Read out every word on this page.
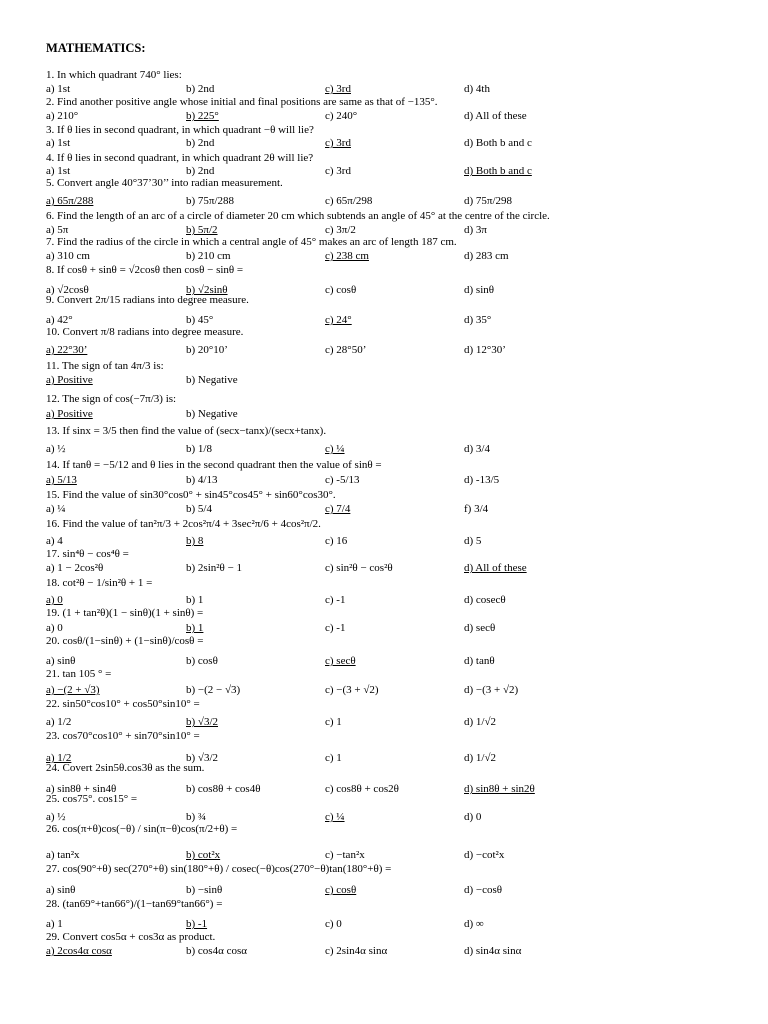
MATHEMATICS:
1. In which quadrant 740° lies:
a) 1st	b) 2nd	c) 3rd	d) 4th
2. Find another positive angle whose initial and final positions are same as that of −135°.
a) 210°	b) 225°	c) 240°	d) All of these
3. If θ lies in second quadrant, in which quadrant −θ will lie?
a) 1st	b) 2nd	c) 3rd	d) Both b and c
4. If θ lies in second quadrant, in which quadrant 2θ will lie?
a) 1st	b) 2nd	c) 3rd	d) Both b and c
5. Convert angle 40°37’30’’ into radian measurement.
a) 65π/288	b) 75π/288	c) 65π/298	d) 75π/298
6. Find the length of an arc of a circle of diameter 20 cm which subtends an angle of 45° at the centre of the circle.
a) 5π	b) 5π/2	c) 3π/2	d) 3π
7. Find the radius of the circle in which a central angle of 45° makes an arc of length 187 cm.
a) 310 cm	b) 210 cm	c) 238 cm	d) 283 cm
8. If cosθ + sinθ = √2cosθ then cosθ − sinθ =
a) √2cosθ	b) √2sinθ	c) cosθ	d) sinθ
9. Convert 2π/15 radians into degree measure.
a) 42°	b) 45°	c) 24°	d) 35°
10. Convert π/8 radians into degree measure.
a) 22°30’	b) 20°10’	c) 28°50’	d) 12°30’
11. The sign of tan 4π/3 is:
a) Positive	b) Negative
12. The sign of cos(−7π/3) is:
a) Positive	b) Negative
13. If sinx = 3/5 then find the value of (secx−tanx)/(secx+tanx).
a) ½	b) 1/8	c) ¼	d) 3/4
14. If tanθ = −5/12 and θ lies in the second quadrant then the value of sinθ =
a) 5/13	b) 4/13	c) -5/13	d) -13/5
15. Find the value of sin30°cos0° + sin45°cos45° + sin60°cos30°.
a) ¼	b) 5/4	c) 7/4	f) 3/4
16. Find the value of tan²π/3 + 2cos²π/4 + 3sec²π/6 + 4cos²π/2.
a) 4	b) 8	c) 16	d) 5
17. sin⁴θ − cos⁴θ =
a) 1 − 2cos²θ	b) 2sin²θ − 1	c) sin²θ − cos²θ	d) All of these
18. cot²θ − 1/sin²θ + 1 =
a) 0	b) 1	c) -1	d) cosecθ
19. (1 + tan²θ)(1 − sinθ)(1 + sinθ) =
a) 0	b) 1	c) -1	d) secθ
20. cosθ/(1−sinθ) + (1−sinθ)/cosθ =
a) sinθ	b) cosθ	c) secθ	d) tanθ
21. tan 105 ° =
a) −(2 + √3)	b) −(2 − √3)	c) −(3 + √2)	d) −(3 + √2)
22. sin50°cos10° + cos50°sin10° =
a) 1/2	b) √3/2	c) 1	d) 1/√2
23. cos70°cos10° + sin70°sin10° =
a) 1/2	b) √3/2	c) 1	d) 1/√2
24. Covert 2sin5θ.cos3θ as the sum.
a) sin8θ + sin4θ	b) cos8θ + cos4θ	c) cos8θ + cos2θ	d) sin8θ + sin2θ
25. cos75°. cos15° =
a) ½	b) ¾	c) ¼	d) 0
26. cos(π+θ)cos(−θ) / sin(π−θ)cos(π/2+θ) =
a) tan²x	b) cot²x	c) −tan²x	d) −cot²x
27. cos(90°+θ) sec(270°+θ) sin(180°+θ) / cosec(−θ)cos(270°−θ)tan(180°+θ) =
a) sinθ	b) −sinθ	c) cosθ	d) −cosθ
28. (tan69°+tan66°)/(1−tan69°tan66°) =
a) 1	b) -1	c) 0	d) ∞
29. Convert cos5α + cos3α as product.
a) 2cos4α cosα	b) cos4α cosα	c) 2sin4α sinα	d) sin4α sinα
